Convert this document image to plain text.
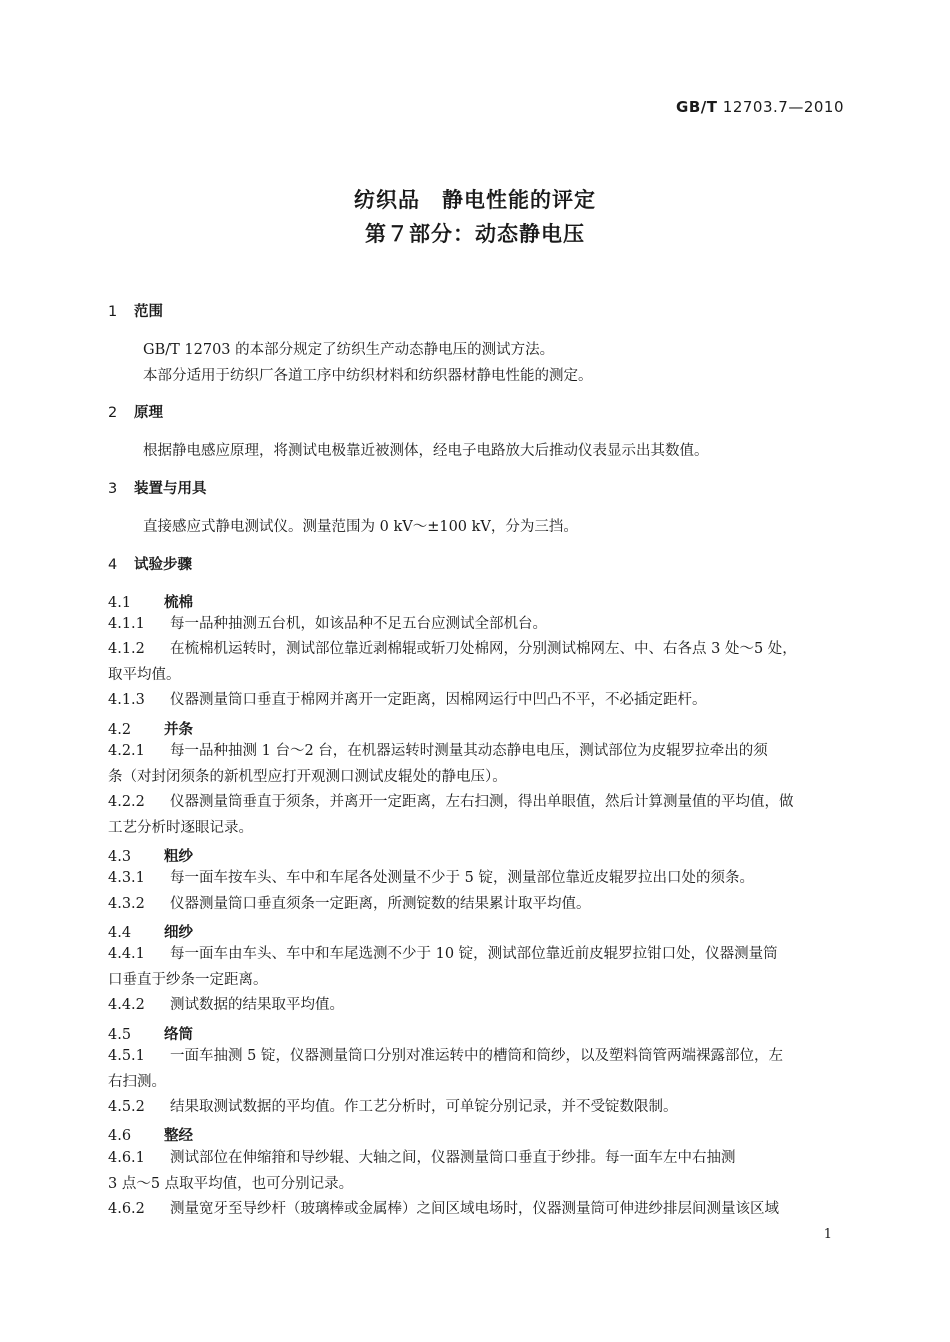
GB/T 12703.7—2010
纺织品　静电性能的评定
第７部分：动态静电压
1 范围
GB/T 12703 的本部分规定了纺织生产动态静电压的测试方法。
本部分适用于纺织厂各道工序中纺织材料和纺织器材静电性能的测定。
2 原理
根据静电感应原理，将测试电极靠近被测体，经电子电路放大后推动仪表显示出其数值。
3 装置与用具
直接感应式静电测试仪。测量范围为 0 kV～±100 kV，分为三挡。
4 试验步骤
4.1 梳棉
4.1.1 每一品种抽测五台机，如该品种不足五台应测试全部机台。
4.1.2 在梳棉机运转时，测试部位靠近剥棉辊或斩刀处棉网，分别测试棉网左、中、右各点 3 处～5 处，
取平均值。
4.1.3 仪器测量筒口垂直于棉网并离开一定距离，因棉网运行中凹凸不平，不必插定距杆。
4.2 并条
4.2.1 每一品种抽测 1 台～2 台，在机器运转时测量其动态静电电压，测试部位为皮辊罗拉牵出的须
条（对封闭须条的新机型应打开观测口测试皮辊处的静电压）。
4.2.2 仪器测量筒垂直于须条，并离开一定距离，左右扫测，得出单眼值，然后计算测量值的平均值，做
工艺分析时逐眼记录。
4.3 粗纱
4.3.1 每一面车按车头、车中和车尾各处测量不少于 5 锭，测量部位靠近皮辊罗拉出口处的须条。
4.3.2 仪器测量筒口垂直须条一定距离，所测锭数的结果累计取平均值。
4.4 细纱
4.4.1 每一面车由车头、车中和车尾选测不少于 10 锭，测试部位靠近前皮辊罗拉钳口处，仪器测量筒
口垂直于纱条一定距离。
4.4.2 测试数据的结果取平均值。
4.5 络筒
4.5.1 一面车抽测 5 锭，仪器测量筒口分别对准运转中的槽筒和筒纱，以及塑料筒管两端裸露部位，左
右扫测。
4.5.2 结果取测试数据的平均值。作工艺分析时，可单锭分别记录，并不受锭数限制。
4.6 整经
4.6.1 测试部位在伸缩箝和导纱辊、大轴之间，仪器测量筒口垂直于纱排。每一面车左中右抽测
3 点～5 点取平均值，也可分别记录。
4.6.2 测量宽牙至导纱杆（玻璃棒或金属棒）之间区域电场时，仪器测量筒可伸进纱排层间测量该区域
1
